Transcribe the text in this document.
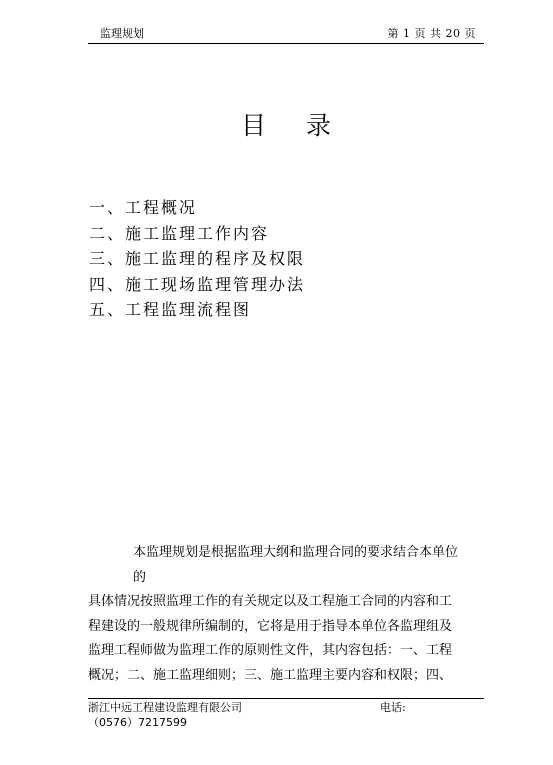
监理规划	第 1 页 共 20 页
目录
一、工程概况
二、施工监理工作内容
三、施工监理的程序及权限
四、施工现场监理管理办法
五、工程监理流程图
本监理规划是根据监理大纲和监理合同的要求结合本单位
的
具体情况按照监理工作的有关规定以及工程施工合同的内容和工
程建设的一般规律所编制的，它将是用于指导本单位各监理组及
监理工程师做为监理工作的原则性文件，其内容包括：一、工程
概况；二、施工监理细则；三、施工监理主要内容和权限；四、
浙江中远工程建设监理有限公司	电话:
（0576）7217599
